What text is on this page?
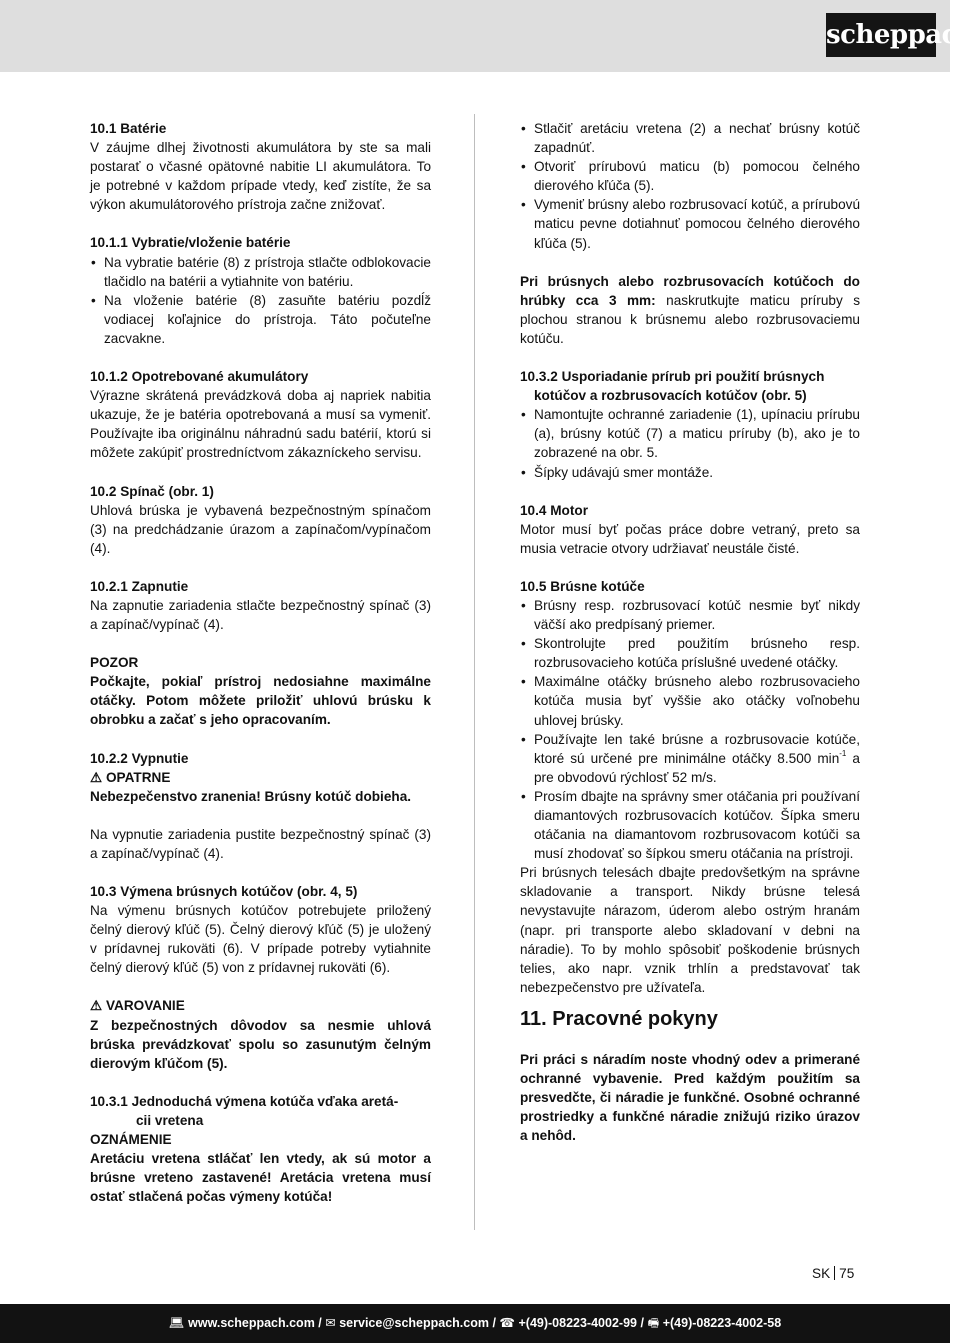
scheppach

10.1 Batérie

V záujme dlhej životnosti akumulátora by ste sa mali postarať o včasné opätovné nabitie LI akumulátora. To je potrebné v každom prípade vtedy, keď zistíte, že sa výkon akumulátorového prístroja začne znižovať.

10.1.1 Vybratie/vloženie batérie

• Na vybratie batérie (8) z prístroja stlačte odblokovacie tlačidlo na batérii a vytiahnite von batériu.
• Na vloženie batérie (8) zasuňte batériu pozdĺž vodiacej koľajnice do prístroja. Táto počuteľne zacvakne.

10.1.2 Opotrebované akumulátory

Výrazne skrátená prevádzková doba aj napriek nabitia ukazuje, že je batéria opotrebovaná a musí sa vymeniť. Používajte iba originálnu náhradnú sadu batérií, ktorú si môžete zakúpiť prostredníctvom zákazníckeho servisu.

10.2 Spínač (obr. 1)

Uhlová brúska je vybavená bezpečnostným spínačom (3) na predchádzanie úrazom a zapínačom/vypínačom (4).

10.2.1 Zapnutie

Na zapnutie zariadenia stlačte bezpečnostný spínač (3) a zapínač/vypínač (4).

POZOR

Počkajte, pokiaľ prístroj nedosiahne maximálne otáčky. Potom môžete priložiť uhlovú brúsku k obrobku a začať s jeho opracovaním.

10.2.2 Vypnutie

⚠ OPATRNE

Nebezpečenstvo zranenia! Brúsny kotúč dobieha.

Na vypnutie zariadenia pustite bezpečnostný spínač (3) a zapínač/vypínač (4).

10.3 Výmena brúsnych kotúčov (obr. 4, 5)

Na výmenu brúsnych kotúčov potrebujete priložený čelný dierový kľúč (5). Čelný dierový kľúč (5) je uložený v prídavnej rukoväti (6). V prípade potreby vytiahnite čelný dierový kľúč (5) von z prídavnej rukoväti (6).

⚠ VAROVANIE

Z bezpečnostných dôvodov sa nesmie uhlová brúska prevádzkovať spolu so zasunutým čelným dierovým kľúčom (5).

10.3.1 Jednoduchá výmena kotúča vďaka aretá-

cii vretena

OZNÁMENIE

Aretáciu vretena stláčať len vtedy, ak sú motor a brúsne vreteno zastavené! Aretácia vretena musí ostať stlačená počas výmeny kotúča!

• Stlačiť aretáciu vretena (2) a nechať brúsny kotúč zapadnúť.
• Otvoriť prírubovú maticu (b) pomocou čelného dierového kľúča (5).
• Vymeniť brúsny alebo rozbrusovací kotúč, a prírubovú maticu pevne dotiahnuť pomocou čelného dierového kľúča (5).

Pri brúsnych alebo rozbrusovacích kotúčoch do hrúbky cca 3 mm: naskrutkujte maticu príruby s plochou stranou k brúsnemu alebo rozbrusovaciemu kotúču.

10.3.2 Usporiadanie prírub pri použití brúsnych

kotúčov a rozbrusovacích kotúčov (obr. 5)

• Namontujte ochranné zariadenie (1), upínaciu prírubu (a), brúsny kotúč (7) a maticu príruby (b), ako je to zobrazené na obr. 5.
• Šípky udávajú smer montáže.

10.4 Motor

Motor musí byť počas práce dobre vetraný, preto sa musia vetracie otvory udržiavať neustále čisté.

10.5 Brúsne kotúče

• Brúsny resp. rozbrusovací kotúč nesmie byť nikdy väčší ako predpísaný priemer.
• Skontrolujte pred použitím brúsneho resp. rozbrusovacieho kotúča príslušné uvedené otáčky.
• Maximálne otáčky brúsneho alebo rozbrusovacieho kotúča musia byť vyššie ako otáčky voľnobehu uhlovej brúsky.
• Používajte len také brúsne a rozbrusovacie kotúče, ktoré sú určené pre minimálne otáčky 8.500 $\min^{-1} a$ pre obvodovú rýchlosť 52 m/s.
• Prosím dbajte na správny smer otáčania pri používaní diamantových rozbrusovacích kotúčov. Šípka smeru otáčania na diamantovom rozbrusovacom kotúči sa musí zhodovať so šípkou smeru otáčania na prístroji.

Pri brúsnych telesách dbajte predovšetkým na správne skladovanie a transport. Nikdy brúsne telesá nevystavujte nárazom, úderom alebo ostrým hranám (napr. pri transporte alebo skladovaní v debni na náradie). To by mohlo spôsobiť poškodenie brúsnych telies, ako napr. vznik trhlín a predstavovať tak nebezpečenstvo pre užívateľa.

11. Pracovné pokyny

Pri práci s náradím noste vhodný odev a primerané ochranné vybavenie. Pred každým použitím sa presvedčte, či náradie je funkčné. Osobné ochranné prostriedky a funkčné náradie znižujú riziko úrazov a nehôd.

SK 75
💻︎ www.scheppach.com / ✉︎ service@scheppach.com / ☎︎ +(49)-08223-4002-99 / 🖷︎ +(49)-08223-4002-58
